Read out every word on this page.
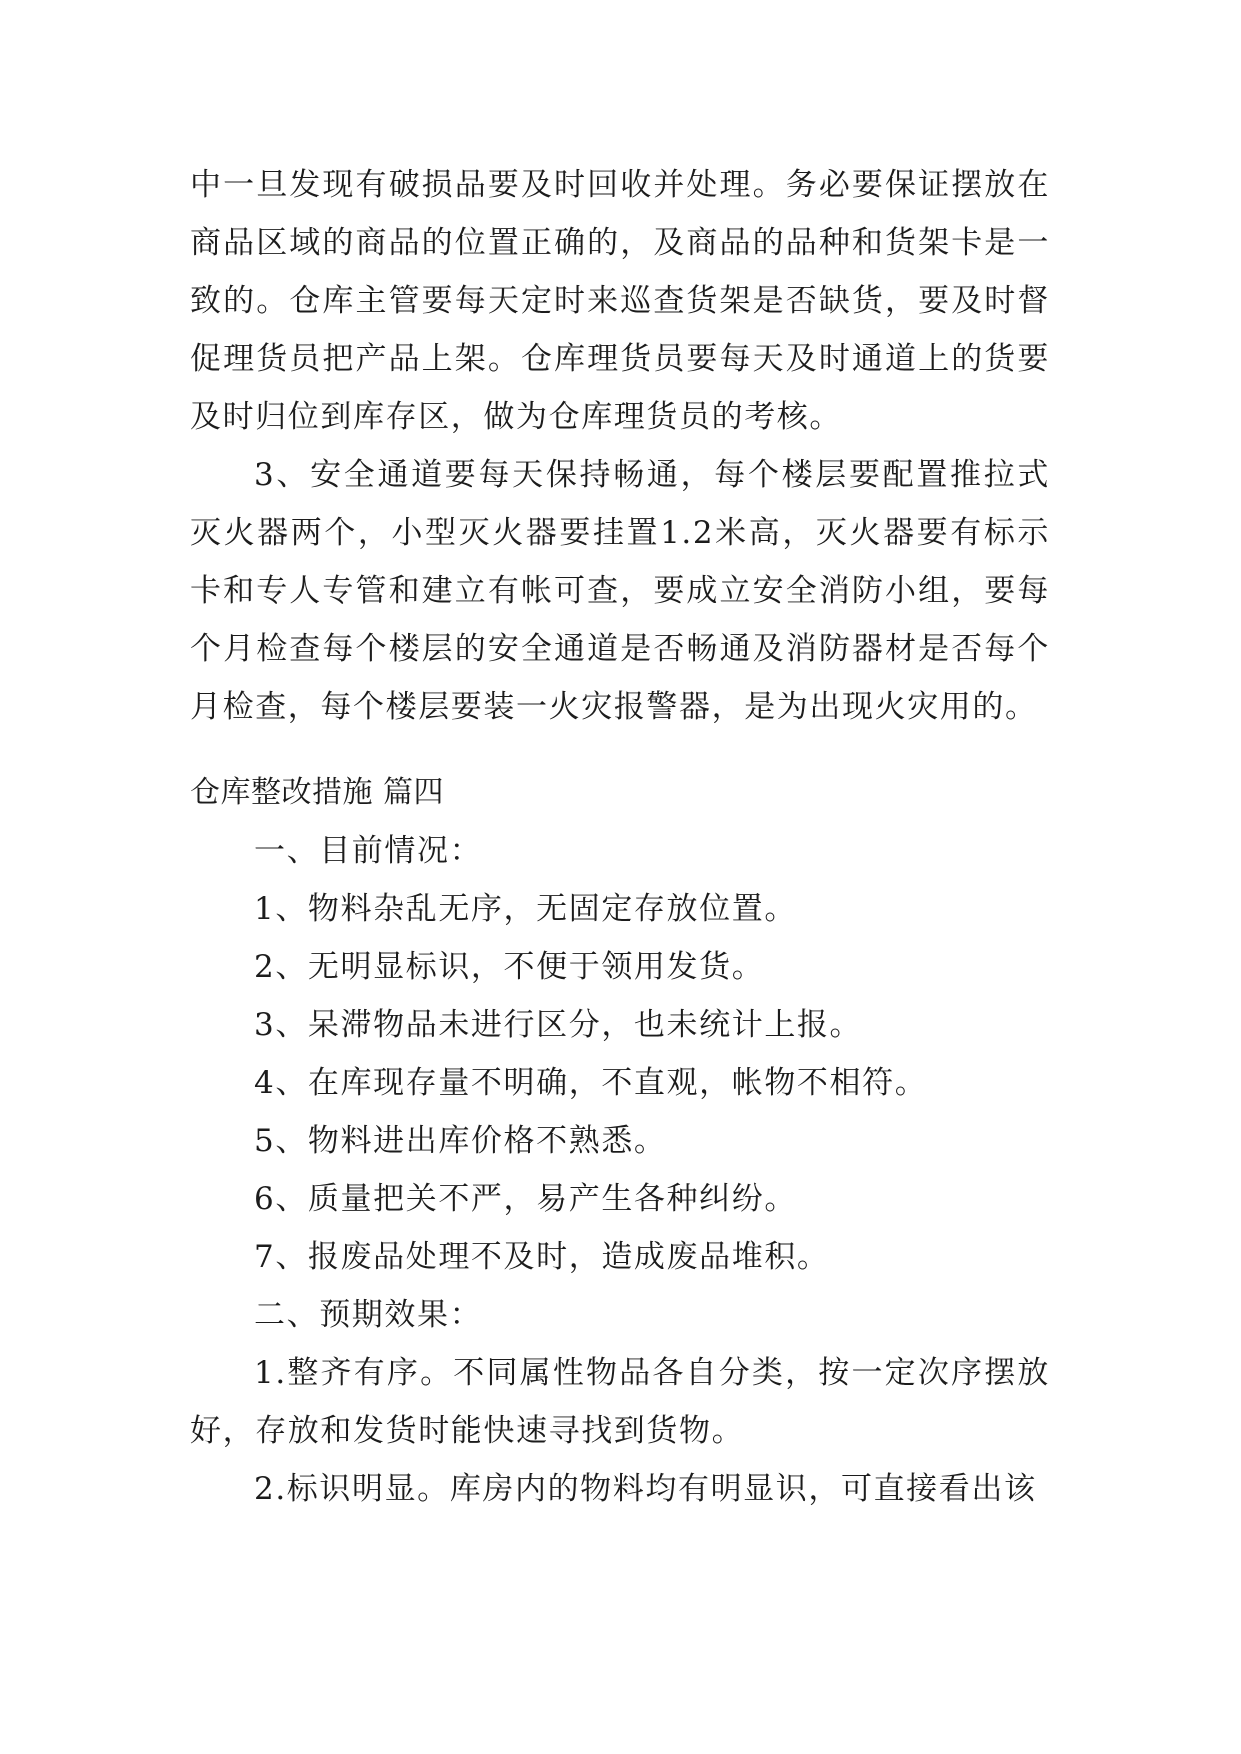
中一旦发现有破损品要及时回收并处理。务必要保证摆放在商品区域的商品的位置正确的，及商品的品种和货架卡是一致的。仓库主管要每天定时来巡查货架是否缺货，要及时督促理货员把产品上架。仓库理货员要每天及时通道上的货要及时归位到库存区，做为仓库理货员的考核。

3、安全通道要每天保持畅通，每个楼层要配置推拉式灭火器两个，小型灭火器要挂置1.2米高，灭火器要有标示卡和专人专管和建立有帐可查，要成立安全消防小组，要每个月检查每个楼层的安全通道是否畅通及消防器材是否每个月检查，每个楼层要装一火灾报警器，是为出现火灾用的。

仓库整改措施 篇四

一、目前情况：

1、物料杂乱无序，无固定存放位置。

2、无明显标识，不便于领用发货。

3、呆滞物品未进行区分，也未统计上报。

4、在库现存量不明确，不直观，帐物不相符。

5、物料进出库价格不熟悉。

6、质量把关不严，易产生各种纠纷。

7、报废品处理不及时，造成废品堆积。

二、预期效果：

1.整齐有序。不同属性物品各自分类，按一定次序摆放好，存放和发货时能快速寻找到货物。

2.标识明显。库房内的物料均有明显识，可直接看出该
